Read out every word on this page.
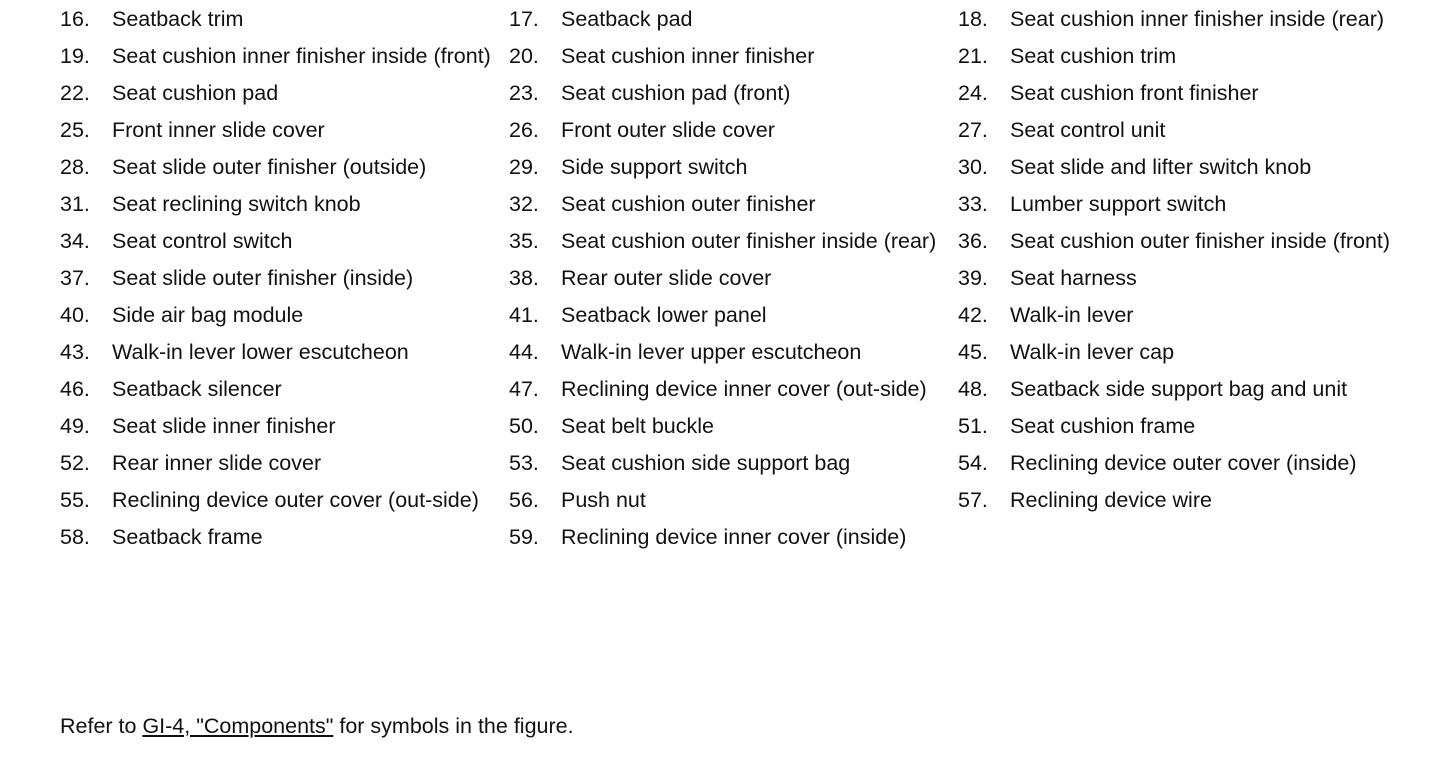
16.	Seatback trim	17.	Seatback pad	18.	Seat cushion inner finisher inside (rear)
19.	Seat cushion inner finisher inside (front) 20.	Seat cushion inner finisher	21.	Seat cushion trim
22.	Seat cushion pad	23.	Seat cushion pad (front)	24.	Seat cushion front finisher
25.	Front inner slide cover	26.	Front outer slide cover	27.	Seat control unit
28.	Seat slide outer finisher (outside)	29.	Side support switch	30.	Seat slide and lifter switch knob
31.	Seat reclining switch knob	32.	Seat cushion outer finisher	33.	Lumber support switch
34.	Seat control switch	35.	Seat cushion outer finisher inside (rear)	36.	Seat cushion outer finisher inside (front)
37.	Seat slide outer finisher (inside)	38.	Rear outer slide cover	39.	Seat harness
40.	Side air bag module	41.	Seatback lower panel	42.	Walk-in lever
43.	Walk-in lever lower escutcheon	44.	Walk-in lever upper escutcheon	45.	Walk-in lever cap
46.	Seatback silencer	47.	Reclining device inner cover (out-side)	48.	Seatback side support bag and unit
49.	Seat slide inner finisher	50.	Seat belt buckle	51.	Seat cushion frame
52.	Rear inner slide cover	53.	Seat cushion side support bag	54.	Reclining device outer cover (inside)
55.	Reclining device outer cover (out-side)	56.	Push nut	57.	Reclining device wire
58.	Seatback frame	59.	Reclining device inner cover (inside)
Refer to GI-4, "Components" for symbols in the figure.
